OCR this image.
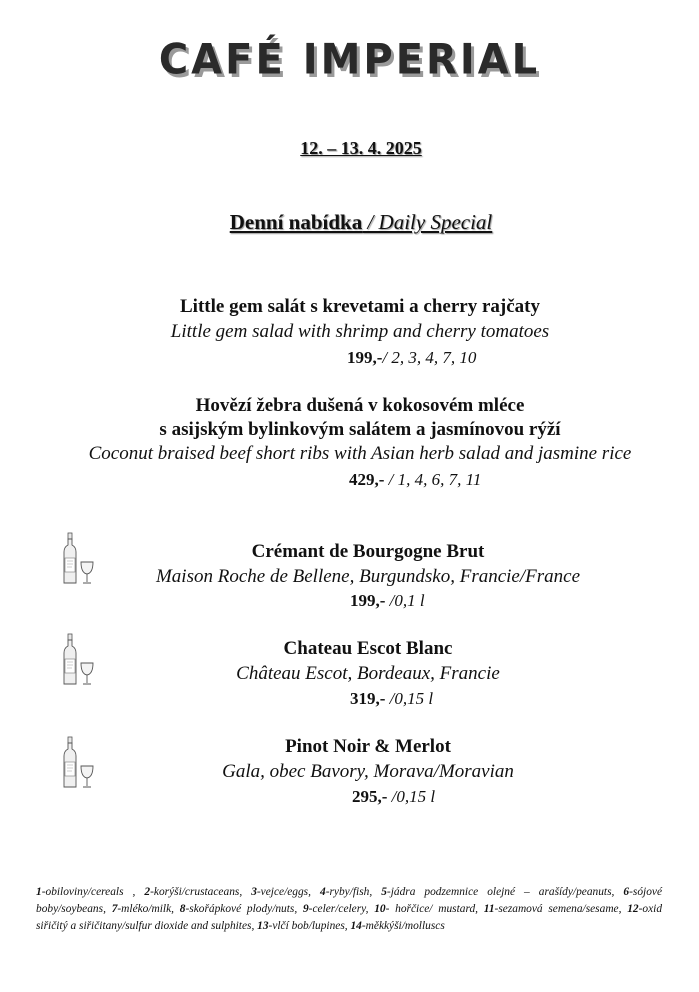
CAFÉ IMPERIAL
12. – 13. 4. 2025
Denní nabídka / Daily Special
Little gem salát s krevetami a cherry rajčaty
Little gem salad with shrimp and cherry tomatoes
199,-/ 2, 3, 4, 7, 10
Hovězí žebra dušená v kokosovém mléce
s asijským bylinkovým salátem a jasmínovou rýží
Coconut braised beef short ribs with Asian herb salad and jasmine rice
429,- / 1, 4, 6, 7, 11
Crémant de Bourgogne Brut
Maison Roche de Bellene, Burgundsko, Francie/France
199,- /0,1 l
Chateau Escot Blanc
Château Escot, Bordeaux, Francie
319,- /0,15 l
Pinot Noir & Merlot
Gala, obec Bavory, Morava/Moravian
295,- /0,15 l
1-obiloviny/cereals , 2-korýši/crustaceans, 3-vejce/eggs, 4-ryby/fish, 5-jádra podzemnice olejné – arašídy/peanuts, 6-sójové boby/soybeans, 7-mléko/milk, 8-skořápkové plody/nuts, 9-celer/celery, 10- hořčice/ mustard, 11-sezamová semena/sesame, 12-oxid siřičitý a siřičitany/sulfur dioxide and sulphites, 13-vlčí bob/lupines, 14-měkkýši/molluscs
